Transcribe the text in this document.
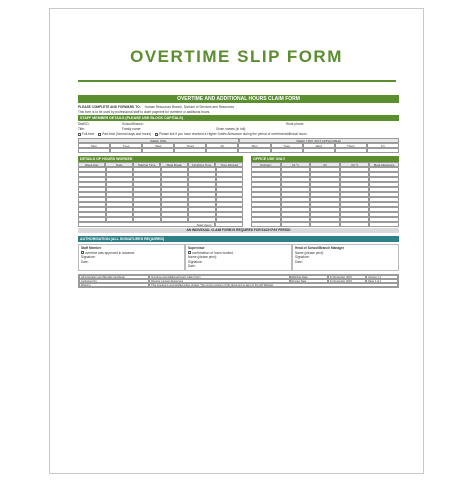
OVERTIME SLIP FORM
OVERTIME AND ADDITIONAL HOURS CLAIM FORM
PLEASE COMPLETE AND FORWARD TO: Human Resources Branch, Division of Services and Resources
This form is to be used by professional staff to claim payment for overtime or additional hours.
STAFF MEMBER DETAILS (PLEASE USE BLOCK CAPITALS)
Staff ID:	School/Branch:	Work phone:
Title:	Family name:	Given names (in full):
Full-time	Part-time (Normal days and hours)	Please tick if you have received a Higher Duties Allowance during the period of overtime/additional hours
WEEK ONE	WEEK TWO (NOT APPLICABLE)
Mon	Tues	Wed	Thurs	Fri	Mon	Tues	Wed	Thurs	Fri
DETAILS OF HOURS WORKED
Week Day	Date	Starting Time	Meal Break	Finishing Time	Time Worked
Total Hours:
OFFICE USE ONLY
Ordinary	X1 ½	X2	X2 ½	Meal Allowance
AN INDIVIDUAL CLAIM FORM IS REQUIRED FOR EACH PAY PERIOD
AUTHORISATION (ALL SIGNATURES REQUIRED)
Staff Member
overtime was approved in advance.
Signature:
Date:
Supervisor
confirmation of hours worked.
Name (please print):
Signature:
Date:
Head of School/Branch Manager
Name (please print):
Signature:
Date:
Administration and Benefits handbook	Overtime and Additional Hours Claim Form	Effective Date	21 December 2016	Version 1.1
Authorised by	Director, Human Resources	Review Date	21 December 2018	Page 1 of 1
Warning	This process is uncontrolled when printed. The current version of this document is kept on the HR Website.
